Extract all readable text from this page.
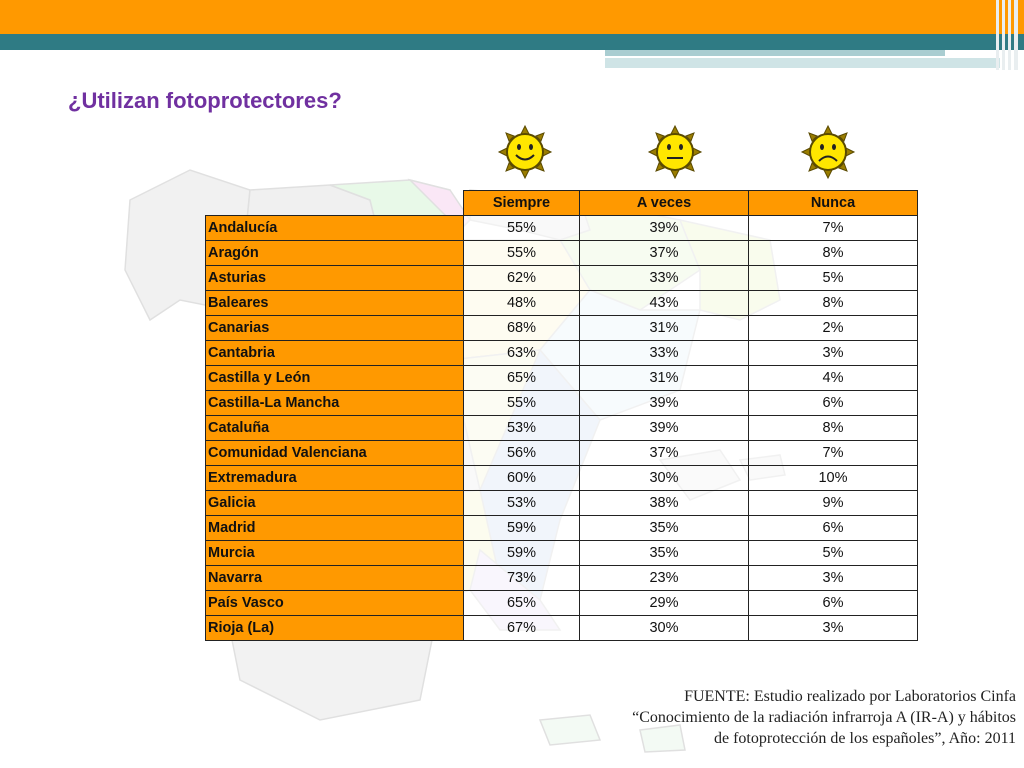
¿Utilizan fotoprotectores?
	Siempre	A veces	Nunca
Andalucía	55%	39%	7%
Aragón	55%	37%	8%
Asturias	62%	33%	5%
Baleares	48%	43%	8%
Canarias	68%	31%	2%
Cantabria	63%	33%	3%
Castilla y León	65%	31%	4%
Castilla-La Mancha	55%	39%	6%
Cataluña	53%	39%	8%
Comunidad Valenciana	56%	37%	7%
Extremadura	60%	30%	10%
Galicia	53%	38%	9%
Madrid	59%	35%	6%
Murcia	59%	35%	5%
Navarra	73%	23%	3%
País Vasco	65%	29%	6%
Rioja (La)	67%	30%	3%
FUENTE: Estudio realizado por Laboratorios Cinfa
“Conocimiento de la radiación infrarroja A (IR-A) y hábitos
de fotoprotección de los españoles”, Año: 2011
